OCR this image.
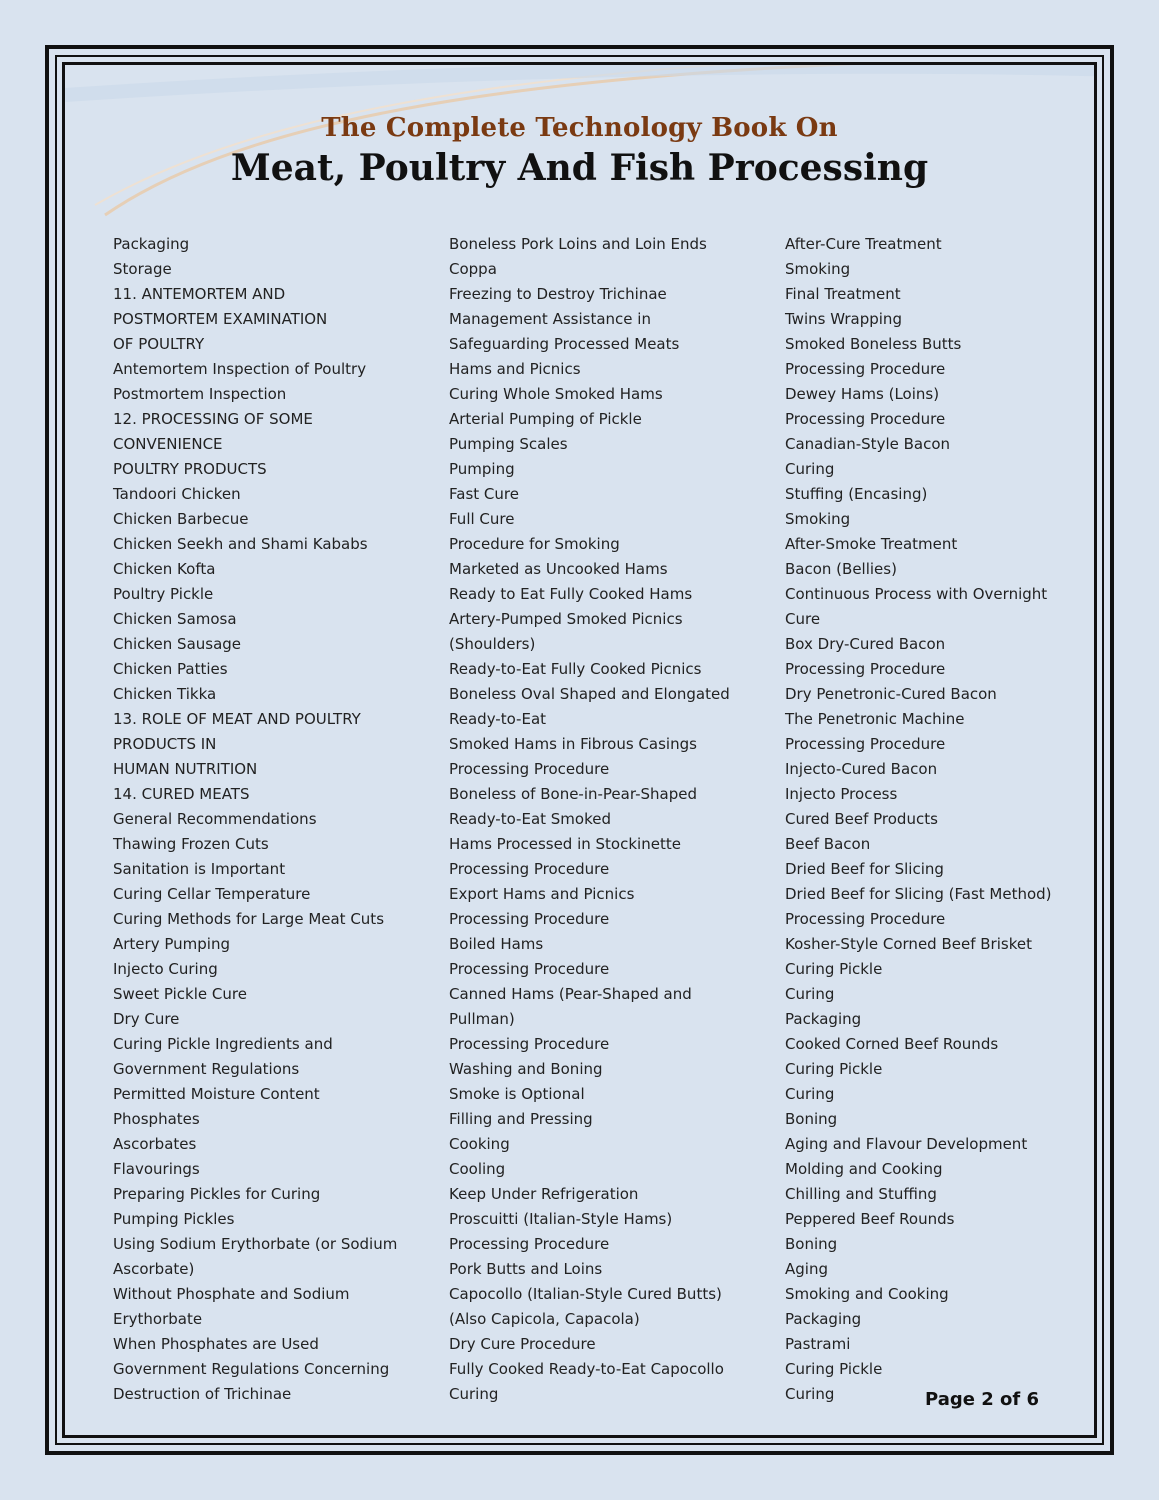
The Complete Technology Book On
Meat, Poultry And Fish Processing
Packaging
Storage
11. ANTEMORTEM AND
POSTMORTEM EXAMINATION
OF POULTRY
Antemortem Inspection of Poultry
Postmortem Inspection
12. PROCESSING OF SOME
CONVENIENCE
POULTRY PRODUCTS
Tandoori Chicken
Chicken Barbecue
Chicken Seekh and Shami Kababs
Chicken Kofta
Poultry Pickle
Chicken Samosa
Chicken Sausage
Chicken Patties
Chicken Tikka
13. ROLE OF MEAT AND POULTRY
PRODUCTS IN
HUMAN NUTRITION
14. CURED MEATS
General Recommendations
Thawing Frozen Cuts
Sanitation is Important
Curing Cellar Temperature
Curing Methods for Large Meat Cuts
Artery Pumping
Injecto Curing
Sweet Pickle Cure
Dry Cure
Curing Pickle Ingredients and
Government Regulations
Permitted Moisture Content
Phosphates
Ascorbates
Flavourings
Preparing Pickles for Curing
Pumping Pickles
Using Sodium Erythorbate (or Sodium
Ascorbate)
Without Phosphate and Sodium
Erythorbate
When Phosphates are Used
Government Regulations Concerning
Destruction of Trichinae
Boneless Pork Loins and Loin Ends
Coppa
Freezing to Destroy Trichinae
Management Assistance in
Safeguarding Processed Meats
Hams and Picnics
Curing Whole Smoked Hams
Arterial Pumping of Pickle
Pumping Scales
Pumping
Fast Cure
Full Cure
Procedure for Smoking
Marketed as Uncooked Hams
Ready to Eat Fully Cooked Hams
Artery-Pumped Smoked Picnics
(Shoulders)
Ready-to-Eat Fully Cooked Picnics
Boneless Oval Shaped and Elongated
Ready-to-Eat
Smoked Hams in Fibrous Casings
Processing Procedure
Boneless of Bone-in-Pear-Shaped
Ready-to-Eat Smoked
Hams Processed in Stockinette
Processing Procedure
Export Hams and Picnics
Processing Procedure
Boiled Hams
Processing Procedure
Canned Hams (Pear-Shaped and
Pullman)
Processing Procedure
Washing and Boning
Smoke is Optional
Filling and Pressing
Cooking
Cooling
Keep Under Refrigeration
Proscuitti (Italian-Style Hams)
Processing Procedure
Pork Butts and Loins
Capocollo (Italian-Style Cured Butts)
(Also Capicola, Capacola)
Dry Cure Procedure
Fully Cooked Ready-to-Eat Capocollo
Curing
After-Cure Treatment
Smoking
Final Treatment
Twins Wrapping
Smoked Boneless Butts
Processing Procedure
Dewey Hams (Loins)
Processing Procedure
Canadian-Style Bacon
Curing
Stuffing (Encasing)
Smoking
After-Smoke Treatment
Bacon (Bellies)
Continuous Process with Overnight
Cure
Box Dry-Cured Bacon
Processing Procedure
Dry Penetronic-Cured Bacon
The Penetronic Machine
Processing Procedure
Injecto-Cured Bacon
Injecto Process
Cured Beef Products
Beef Bacon
Dried Beef for Slicing
Dried Beef for Slicing (Fast Method)
Processing Procedure
Kosher-Style Corned Beef Brisket
Curing Pickle
Curing
Packaging
Cooked Corned Beef Rounds
Curing Pickle
Curing
Boning
Aging and Flavour Development
Molding and Cooking
Chilling and Stuffing
Peppered Beef Rounds
Boning
Aging
Smoking and Cooking
Packaging
Pastrami
Curing Pickle
Curing	Page 2 of 6
